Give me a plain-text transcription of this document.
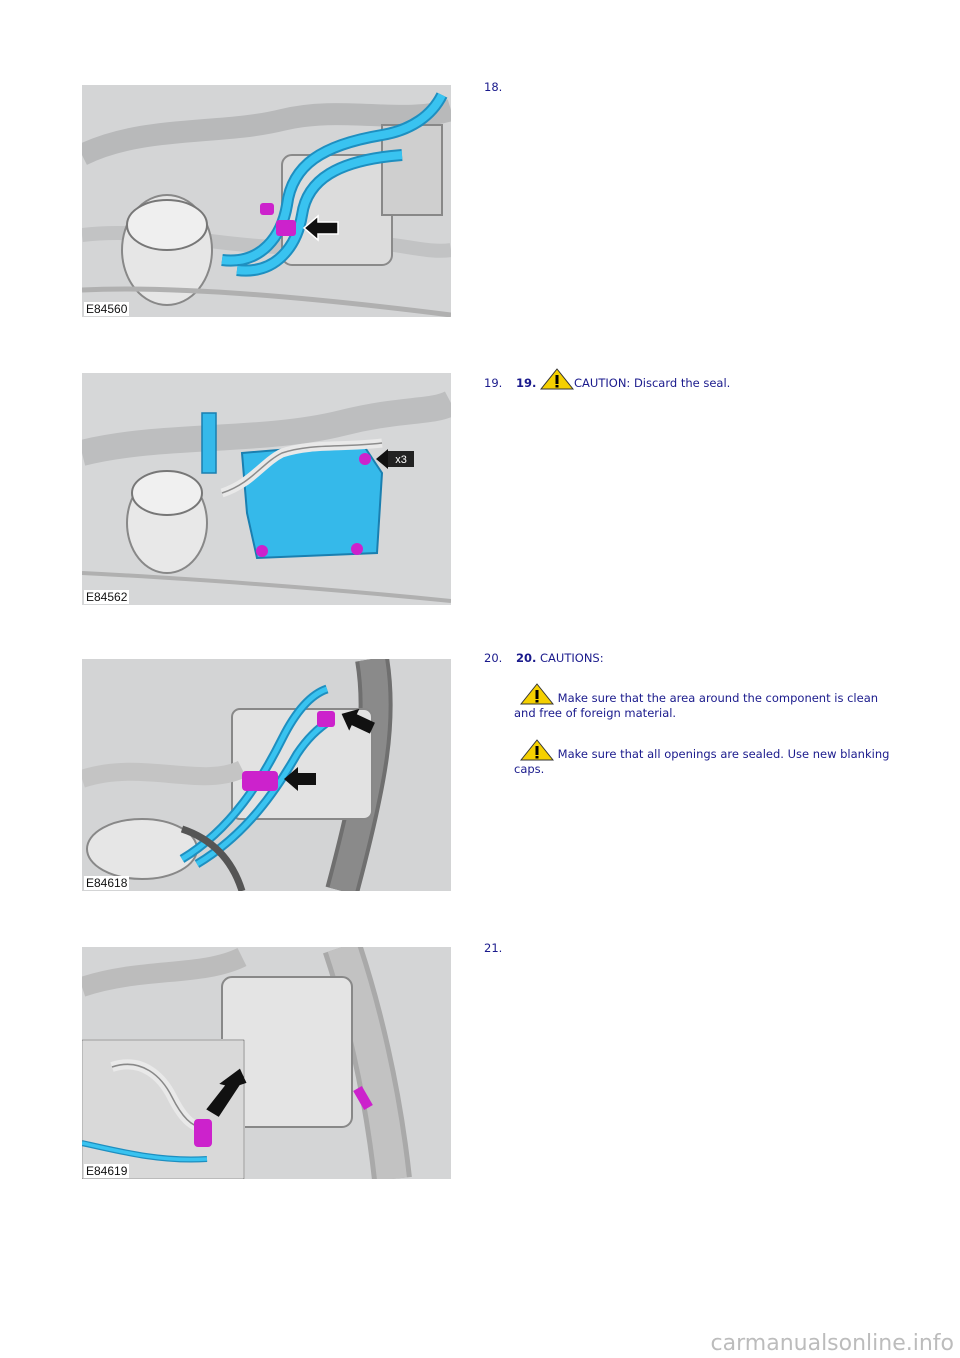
E84560
18.
x3
E84562
19. 19.	CAUTION: Discard the seal.
E84618
20. 20. CAUTIONS:
Make sure that the area around the component is clean and free of foreign material.
Make sure that all openings are sealed. Use new blanking caps.
E84619
21.
carmanualsonline.info
